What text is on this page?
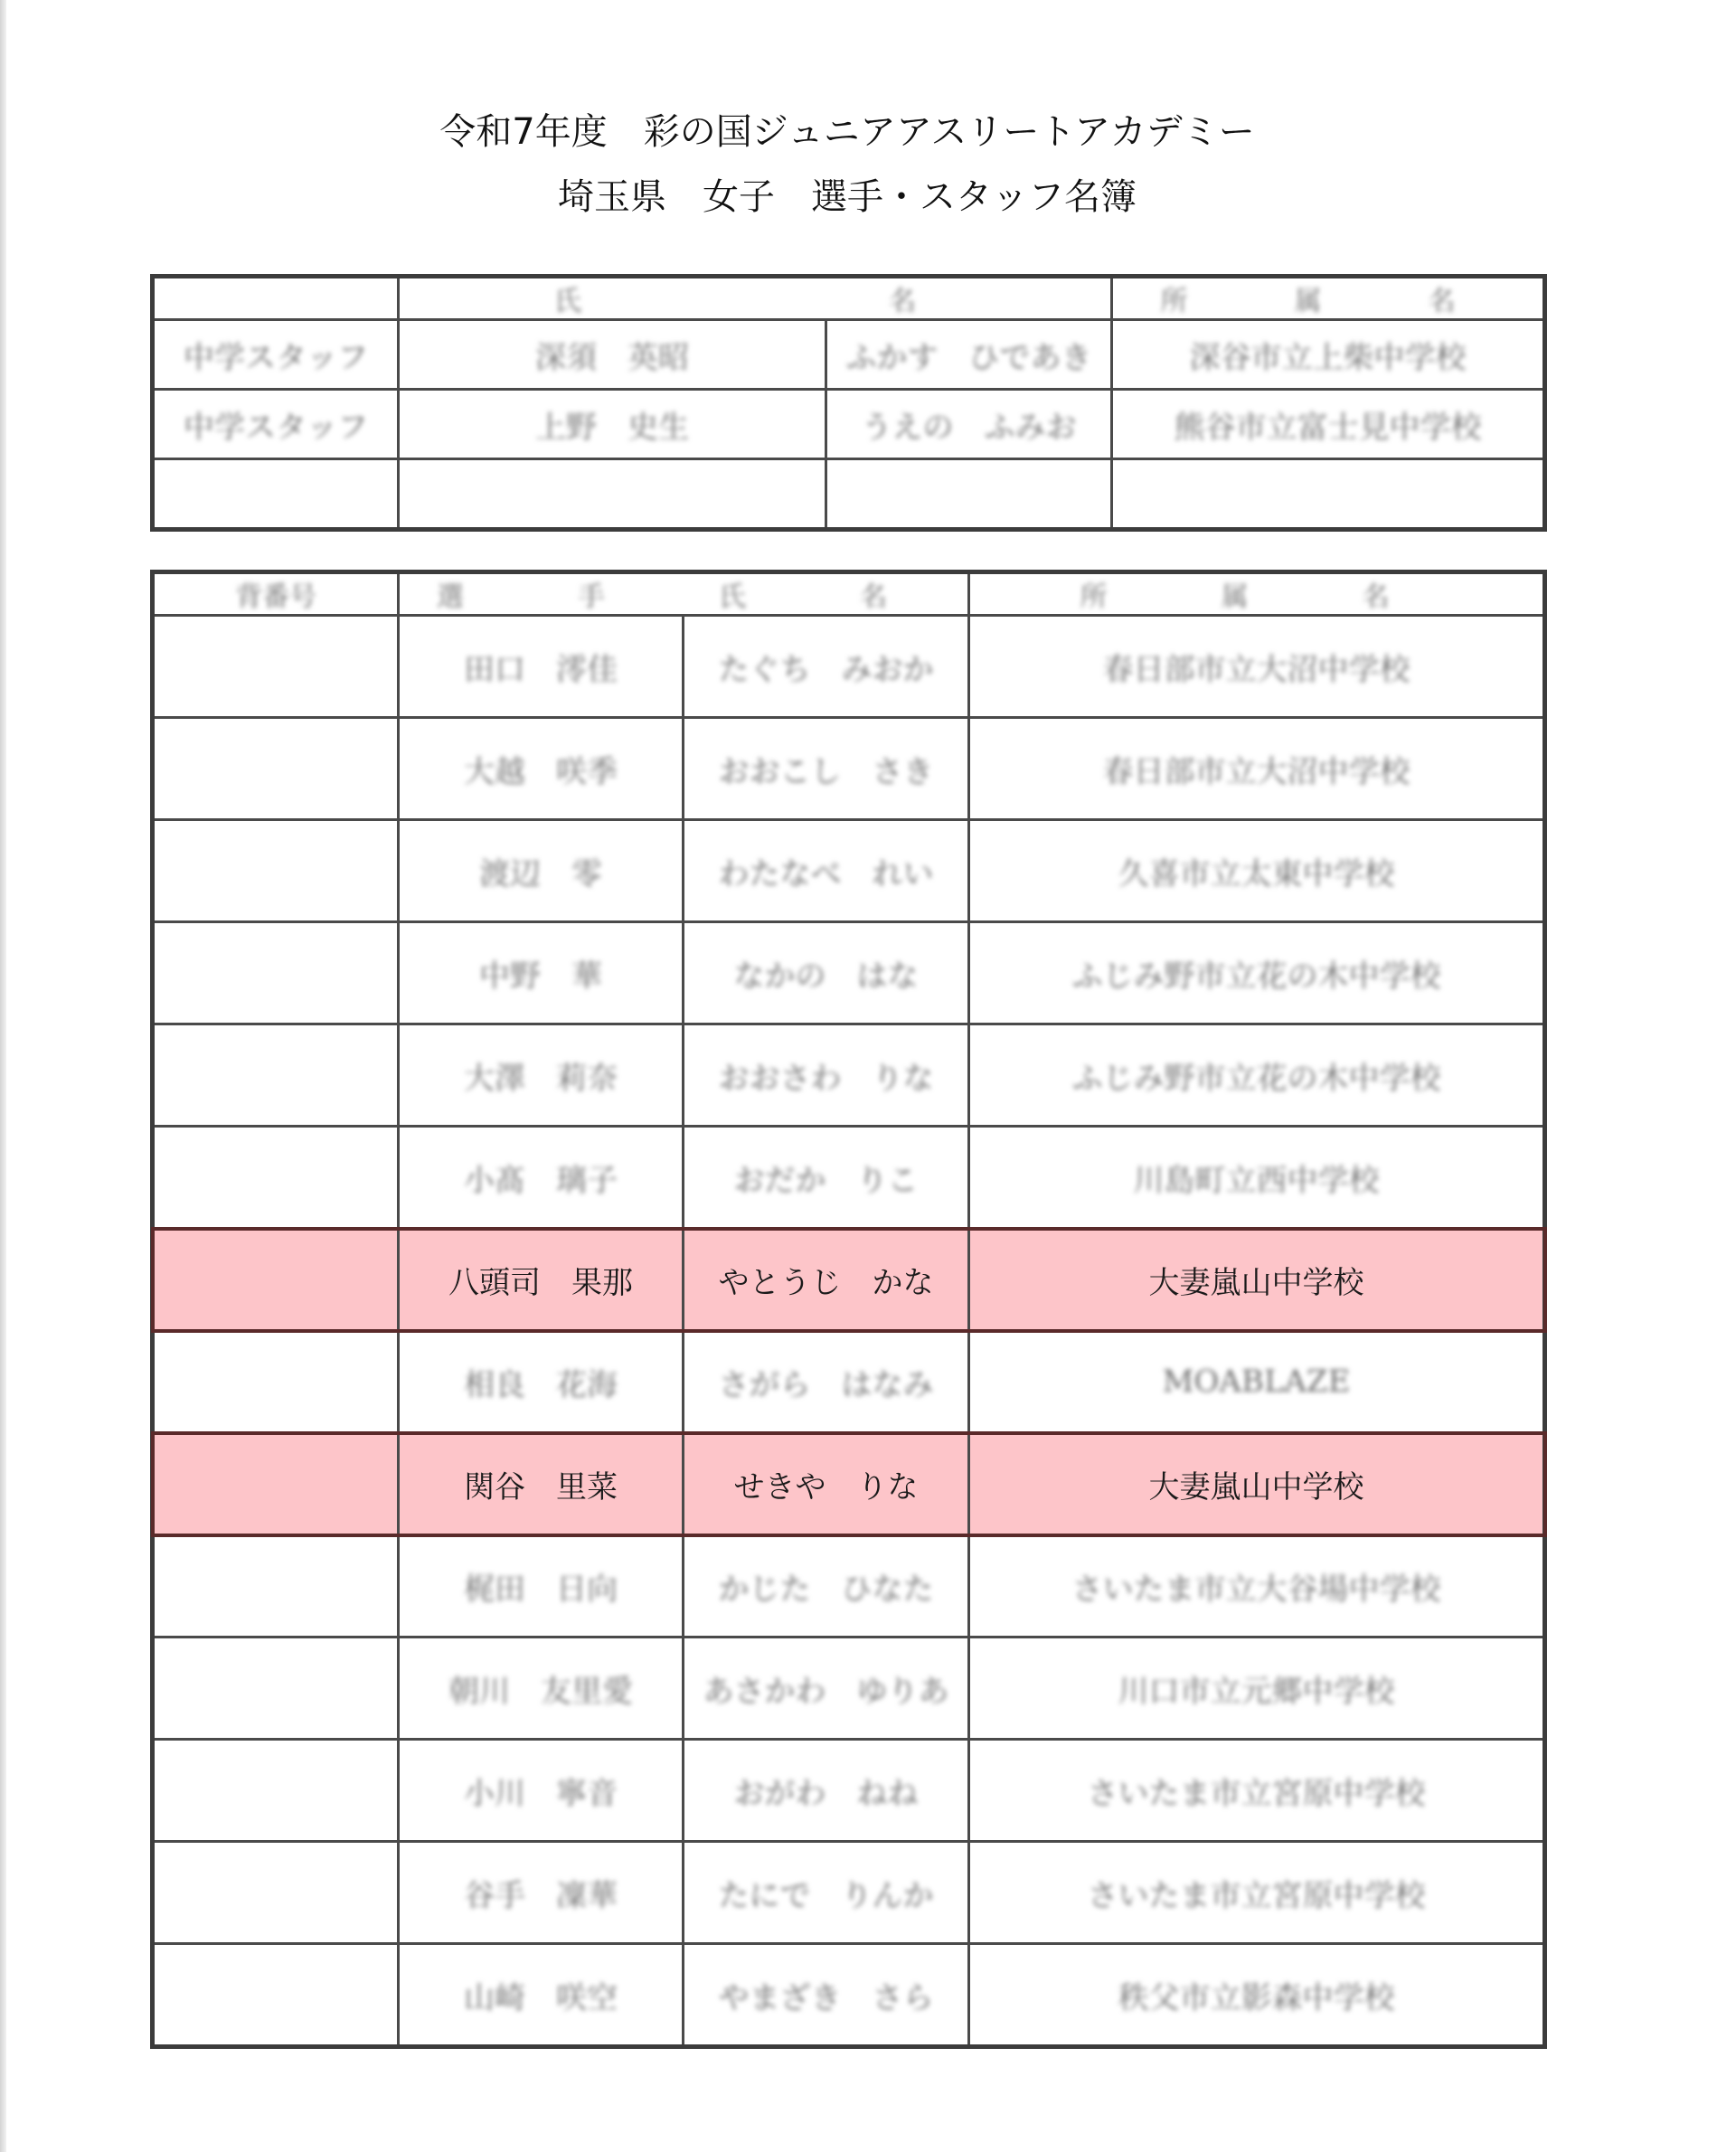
令和7年度　彩の国ジュニアアスリートアカデミー
埼玉県　女子　選手・スタッフ名簿
	氏　　　　名		所　属　名
中学スタッフ	深須　英昭	ふかす　ひであき	深谷市立上柴中学校
中学スタッフ	上野　史生	うえの　ふみお	熊谷市立富士見中学校

背番号	選　手　氏　名		所　属　名
	田口　澪佳	たぐち　みおか	春日部市立大沼中学校
	大越　咲季	おおこし　さき	春日部市立大沼中学校
	渡辺　零	わたなべ　れい	久喜市立太東中学校
	中野　華	なかの　はな	ふじみ野市立花の木中学校
	大澤　莉奈	おおさわ　りな	ふじみ野市立花の木中学校
	小髙　璃子	おだか　りこ	川島町立西中学校
	八頭司　果那	やとうじ　かな	大妻嵐山中学校
	相良　花海	さがら　はなみ	MOABLAZE
	関谷　里菜	せきや　りな	大妻嵐山中学校
	梶田　日向	かじた　ひなた	さいたま市立大谷場中学校
	朝川　友里愛	あさかわ　ゆりあ	川口市立元郷中学校
	小川　寧音	おがわ　ねね	さいたま市立宮原中学校
	谷手　凜華	たにで　りんか	さいたま市立宮原中学校
	山崎　咲空	やまざき　さら	秩父市立影森中学校
